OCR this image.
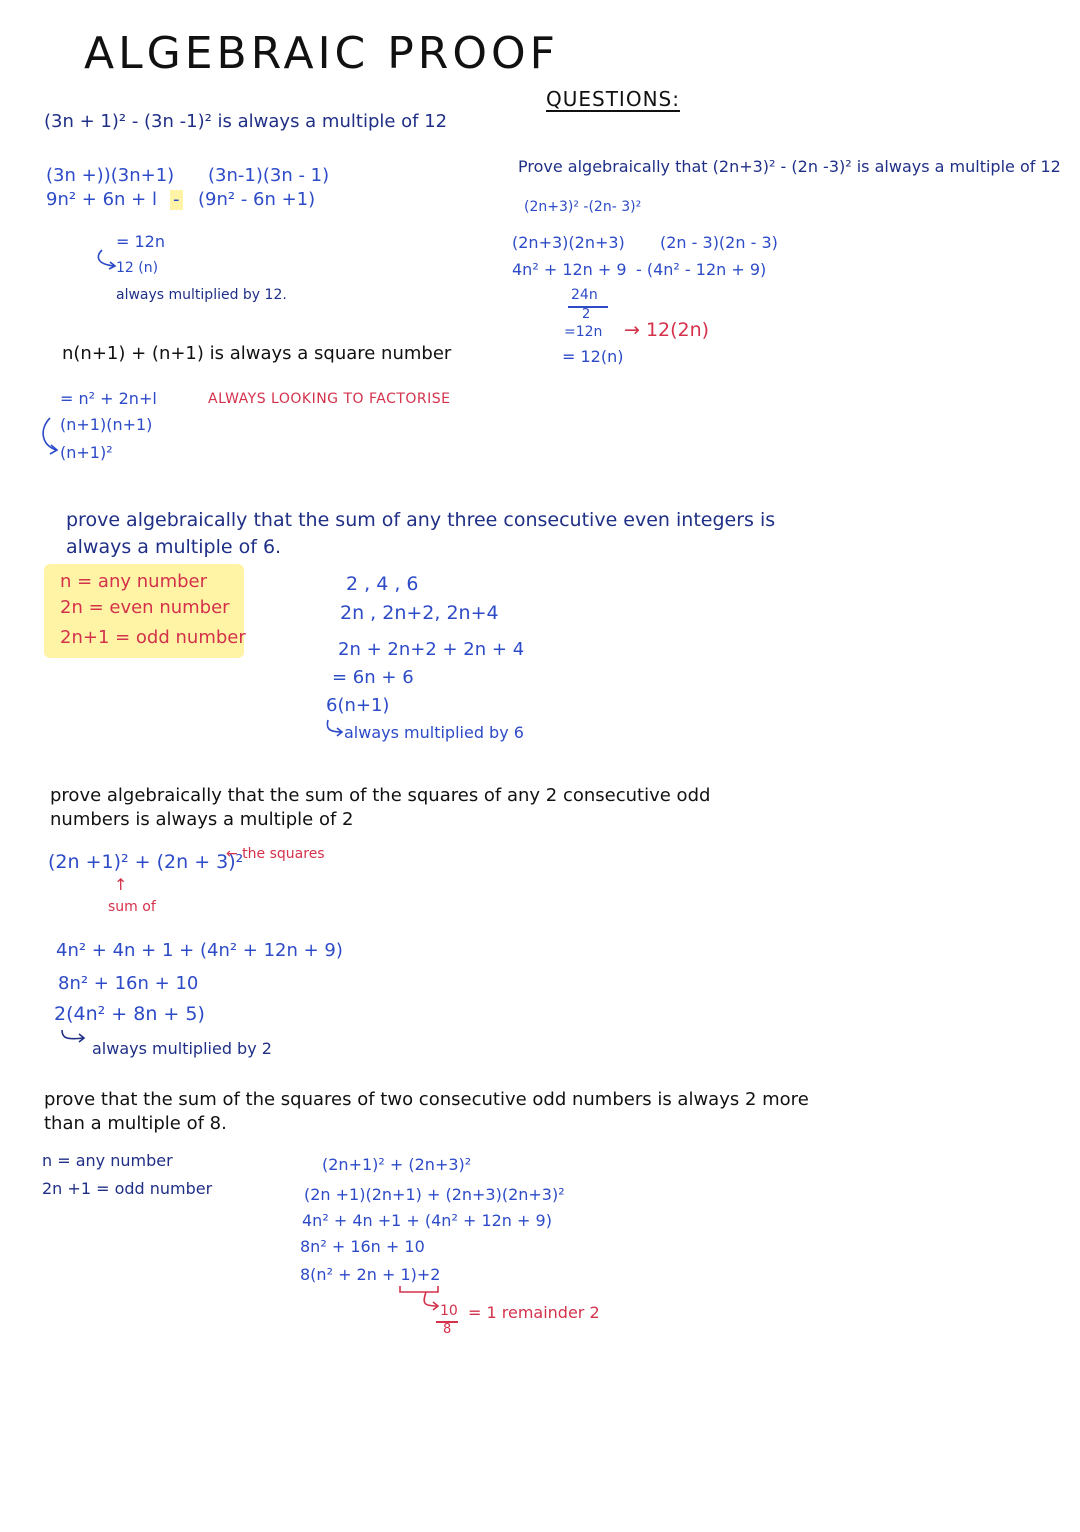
ALGEBRAIC PROOF
QUESTIONS:
(3n + 1)² - (3n -1)² is always a multiple of 12
(3n +))(3n+1)
9n² + 6n + l -
(3n-1)(3n - 1)
(9n² - 6n +1)
= 12n
12 (n)
always multiplied by 12.
n(n+1) + (n+1) is always a square number
= n² + 2n+l	ALWAYS LOOKING TO FACTORISE
(n+1)(n+1)
(n+1)²
Prove algebraically that (2n+3)² - (2n -3)² is always a multiple of 12
(2n+3)² -(2n- 3)²
(2n+3)(2n+3) (2n - 3)(2n - 3)
4n² + 12n + 9 - (4n² - 12n + 9)
24n
2
=12n → 12(2n)
= 12(n)
prove algebraically that the sum of any three consecutive even integers is
always a multiple of 6.
n = any number
2n = even number
2n+1 = odd number
2 , 4 , 6
2n , 2n+2, 2n+4
2n + 2n+2 + 2n + 4
= 6n + 6
6(n+1)
always multiplied by 6
prove algebraically that the sum of the squares of any 2 consecutive odd
numbers is always a multiple of 2
(2n +1)² + (2n + 3)²
← the squares
↑
sum of
4n² + 4n + 1 + (4n² + 12n + 9)
8n² + 16n + 10
2(4n² + 8n + 5)
always multiplied by 2
prove that the sum of the squares of two consecutive odd numbers is always 2 more
than a multiple of 8.
n = any number
2n +1 = odd number
(2n+1)² + (2n+3)²
(2n +1)(2n+1) + (2n+3)(2n+3)²
4n² + 4n +1 + (4n² + 12n + 9)
8n² + 16n + 10
8(n² + 2n + 1)+2
10
8
= 1 remainder 2
